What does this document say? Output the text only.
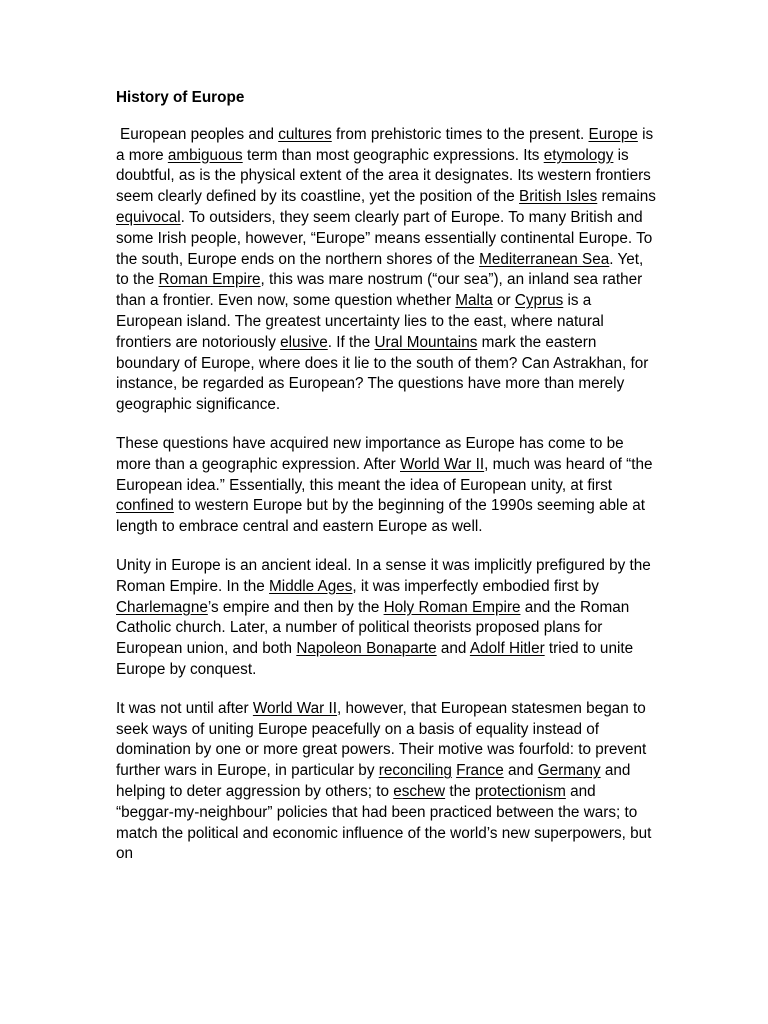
History of Europe

European peoples and cultures from prehistoric times to the present. Europe is a more ambiguous term than most geographic expressions. Its etymology is doubtful, as is the physical extent of the area it designates. Its western frontiers seem clearly defined by its coastline, yet the position of the British Isles remains equivocal. To outsiders, they seem clearly part of Europe. To many British and some Irish people, however, “Europe” means essentially continental Europe. To the south, Europe ends on the northern shores of the Mediterranean Sea. Yet, to the Roman Empire, this was mare nostrum (“our sea”), an inland sea rather than a frontier. Even now, some question whether Malta or Cyprus is a European island. The greatest uncertainty lies to the east, where natural frontiers are notoriously elusive. If the Ural Mountains mark the eastern boundary of Europe, where does it lie to the south of them? Can Astrakhan, for instance, be regarded as European? The questions have more than merely geographic significance.

These questions have acquired new importance as Europe has come to be more than a geographic expression. After World War II, much was heard of “the European idea.” Essentially, this meant the idea of European unity, at first confined to western Europe but by the beginning of the 1990s seeming able at length to embrace central and eastern Europe as well.

Unity in Europe is an ancient ideal. In a sense it was implicitly prefigured by the Roman Empire. In the Middle Ages, it was imperfectly embodied first by Charlemagne’s empire and then by the Holy Roman Empire and the Roman Catholic church. Later, a number of political theorists proposed plans for European union, and both Napoleon Bonaparte and Adolf Hitler tried to unite Europe by conquest.

It was not until after World War II, however, that European statesmen began to seek ways of uniting Europe peacefully on a basis of equality instead of domination by one or more great powers. Their motive was fourfold: to prevent further wars in Europe, in particular by reconciling France and Germany and helping to deter aggression by others; to eschew the protectionism and “beggar-my-neighbour” policies that had been practiced between the wars; to match the political and economic influence of the world’s new superpowers, but on
